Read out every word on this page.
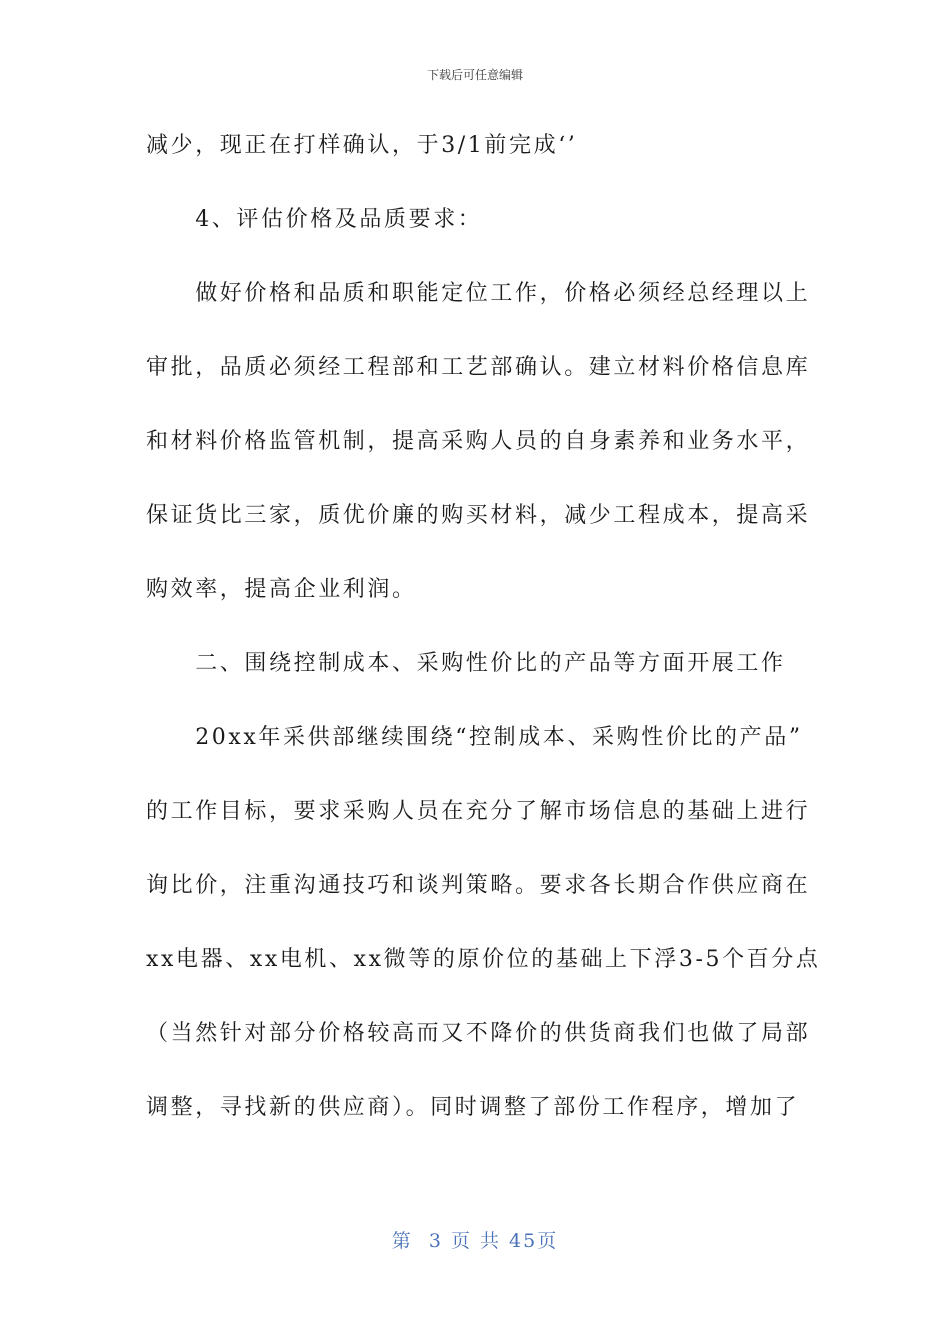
下载后可任意编辑
减少，现正在打样确认，于3/1前完成‘’
　　4、评估价格及品质要求：
　　做好价格和品质和职能定位工作，价格必须经总经理以上
审批，品质必须经工程部和工艺部确认。建立材料价格信息库
和材料价格监管机制，提高采购人员的自身素养和业务水平，
保证货比三家，质优价廉的购买材料，减少工程成本，提高采
购效率，提高企业利润。
　　二、围绕控制成本、采购性价比的产品等方面开展工作
　　20xx年采供部继续围绕“控制成本、采购性价比的产品”
的工作目标，要求采购人员在充分了解市场信息的基础上进行
询比价，注重沟通技巧和谈判策略。要求各长期合作供应商在
xx电器、xx电机、xx微等的原价位的基础上下浮3-5个百分点
（当然针对部分价格较高而又不降价的供货商我们也做了局部
调整，寻找新的供应商）。同时调整了部份工作程序，增加了
第  3 页 共 45页
